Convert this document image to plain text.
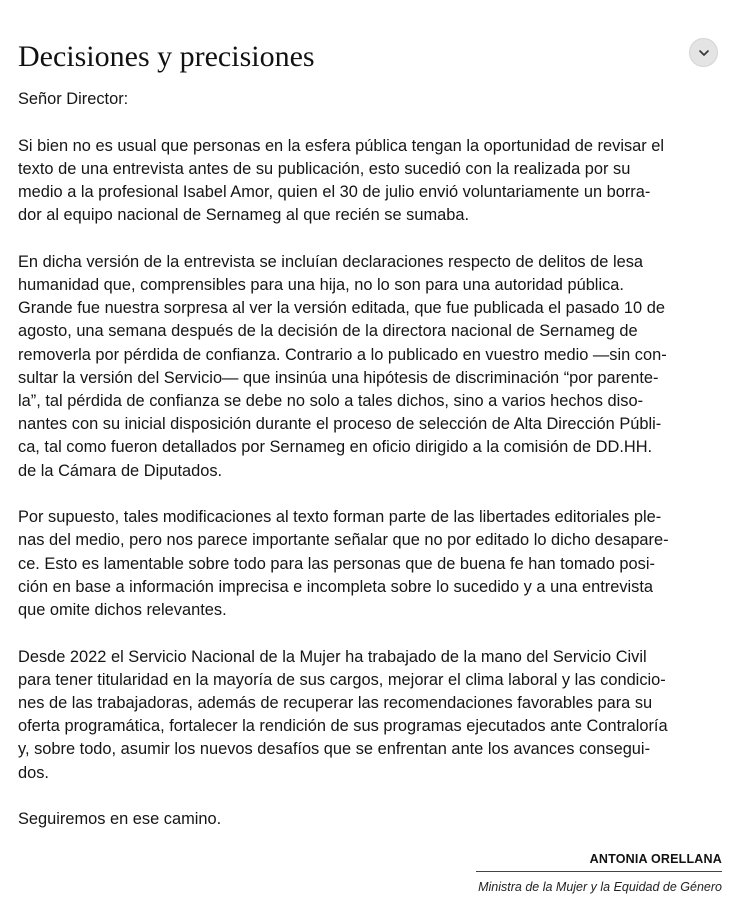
Decisiones y precisiones

Señor Director:

Si bien no es usual que personas en la esfera pública tengan la oportunidad de revisar el
texto de una entrevista antes de su publicación, esto sucedió con la realizada por su
medio a la profesional Isabel Amor, quien el 30 de julio envió voluntariamente un borra-
dor al equipo nacional de Sernameg al que recién se sumaba.

En dicha versión de la entrevista se incluían declaraciones respecto de delitos de lesa
humanidad que, comprensibles para una hija, no lo son para una autoridad pública.
Grande fue nuestra sorpresa al ver la versión editada, que fue publicada el pasado 10 de
agosto, una semana después de la decisión de la directora nacional de Sernameg de
removerla por pérdida de confianza. Contrario a lo publicado en vuestro medio —sin con-
sultar la versión del Servicio— que insinúa una hipótesis de discriminación “por parente-
la”, tal pérdida de confianza se debe no solo a tales dichos, sino a varios hechos diso-
nantes con su inicial disposición durante el proceso de selección de Alta Dirección Públi-
ca, tal como fueron detallados por Sernameg en oficio dirigido a la comisión de DD.HH.
de la Cámara de Diputados.

Por supuesto, tales modificaciones al texto forman parte de las libertades editoriales ple-
nas del medio, pero nos parece importante señalar que no por editado lo dicho desapare-
ce. Esto es lamentable sobre todo para las personas que de buena fe han tomado posi-
ción en base a información imprecisa e incompleta sobre lo sucedido y a una entrevista
que omite dichos relevantes.

Desde 2022 el Servicio Nacional de la Mujer ha trabajado de la mano del Servicio Civil
para tener titularidad en la mayoría de sus cargos, mejorar el clima laboral y las condicio-
nes de las trabajadoras, además de recuperar las recomendaciones favorables para su
oferta programática, fortalecer la rendición de sus programas ejecutados ante Contraloría
y, sobre todo, asumir los nuevos desafíos que se enfrentan ante los avances consegui-
dos.

Seguiremos en ese camino.

ANTONIA ORELLANA
Ministra de la Mujer y la Equidad de Género
